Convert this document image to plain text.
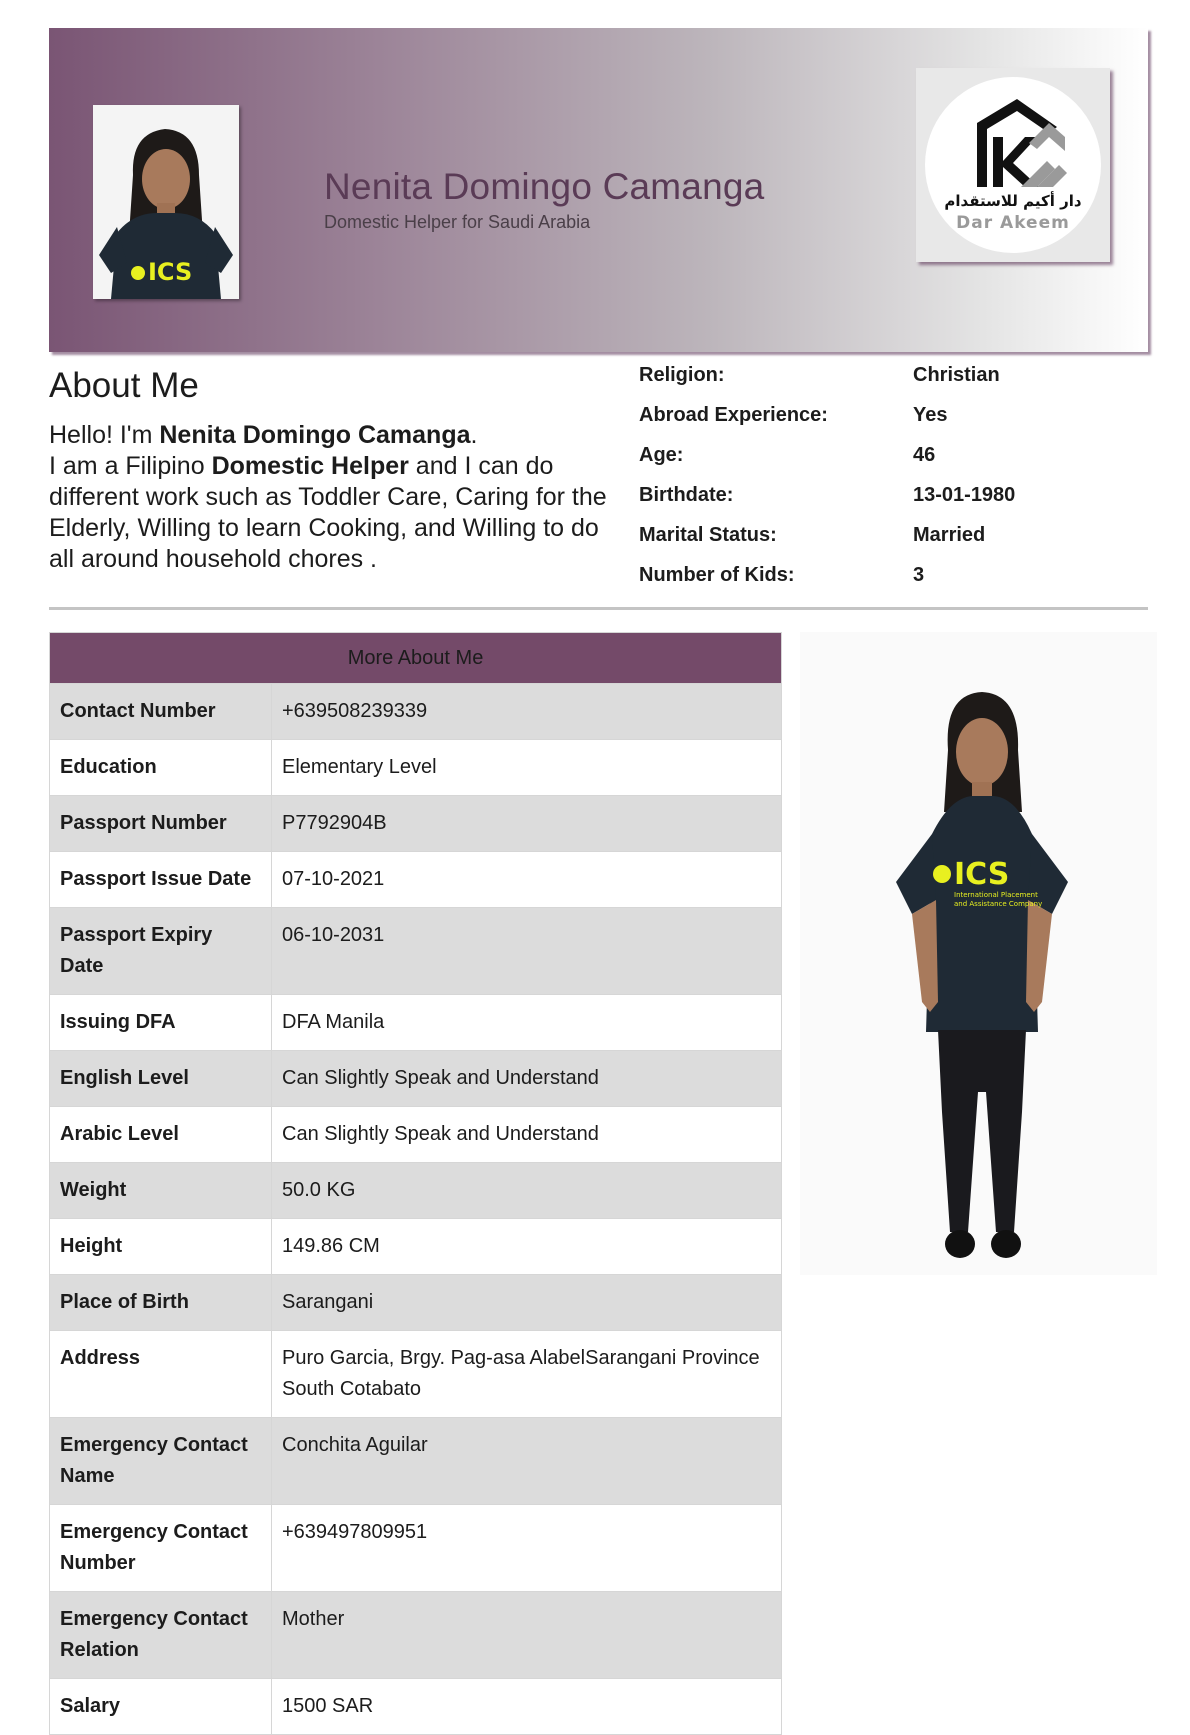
ICS
Nenita Domingo Camanga
Domestic Helper for Saudi Arabia
دار أكيم للاستقدام
Dar Akeem
About Me
Hello! I'm Nenita Domingo Camanga.
I am a Filipino Domestic Helper and I can do different work such as Toddler Care, Caring for the Elderly, Willing to learn Cooking, and Willing to do all around household chores .
Religion:	Christian
Abroad Experience:	Yes
Age:	46
Birthdate:	13-01-1980
Marital Status:	Married
Number of Kids:	3
More About Me	
Contact Number	+639508239339
Education	Elementary Level
Passport Number	P7792904B
Passport Issue Date	07-10-2021
Passport Expiry Date	06-10-2031
Issuing DFA	DFA Manila
English Level	Can Slightly Speak and Understand
Arabic Level	Can Slightly Speak and Understand
Weight	50.0 KG
Height	149.86 CM
Place of Birth	Sarangani
Address	Puro Garcia, Brgy. Pag-asa AlabelSarangani Province South Cotabato
Emergency Contact Name	Conchita Aguilar
Emergency Contact Number	+639497809951
Emergency Contact Relation	Mother
Salary	1500 SAR
ICS
International Placement
and Assistance Company
